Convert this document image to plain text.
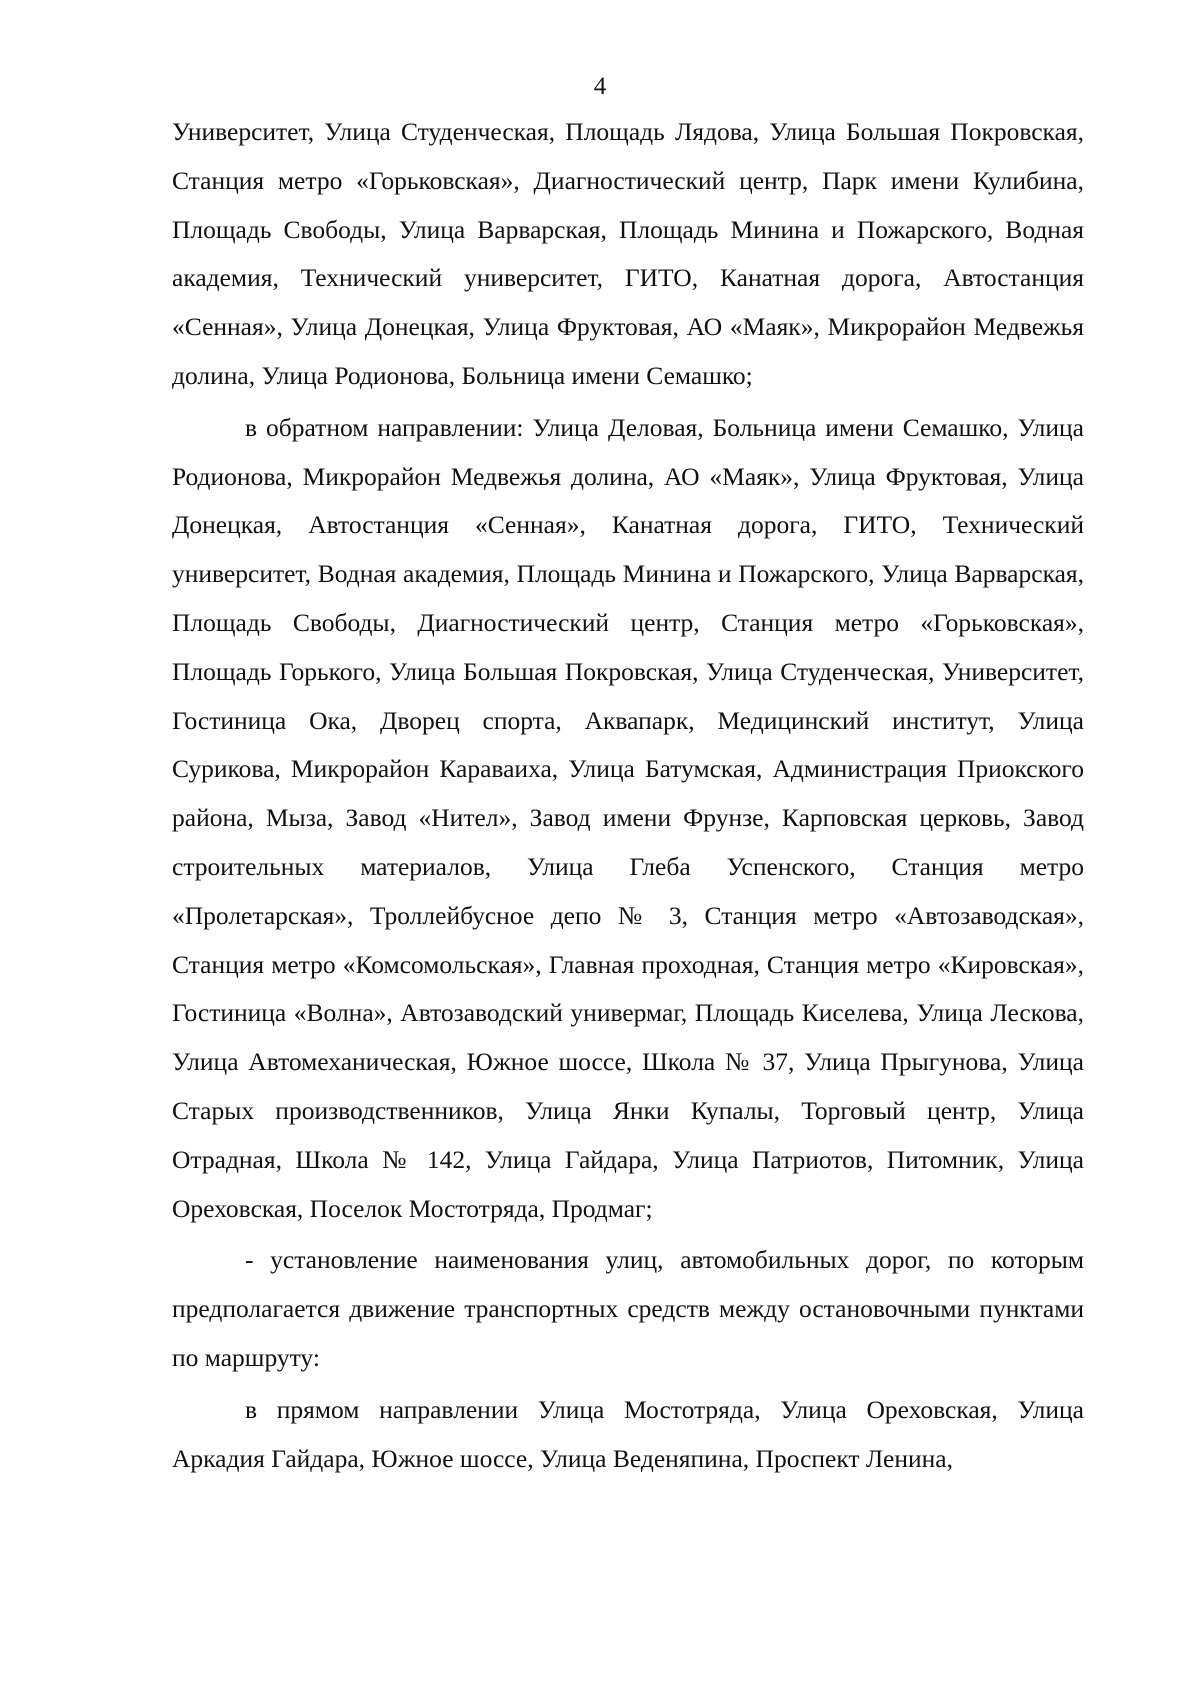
4

Университет, Улица Студенческая, Площадь Лядова, Улица Большая Покровская, Станция метро «Горьковская», Диагностический центр, Парк имени Кулибина, Площадь Свободы, Улица Варварская, Площадь Минина и Пожарского, Водная академия, Технический университет, ГИТО, Канатная дорога, Автостанция «Сенная», Улица Донецкая, Улица Фруктовая, АО «Маяк», Микрорайон Медвежья долина, Улица Родионова, Больница имени Семашко;

в обратном направлении: Улица Деловая, Больница имени Семашко, Улица Родионова, Микрорайон Медвежья долина, АО «Маяк», Улица Фруктовая, Улица Донецкая, Автостанция «Сенная», Канатная дорога, ГИТО, Технический университет, Водная академия, Площадь Минина и Пожарского, Улица Варварская, Площадь Свободы, Диагностический центр, Станция метро «Горьковская», Площадь Горького, Улица Большая Покровская, Улица Студенческая, Университет, Гостиница Ока, Дворец спорта, Аквапарк, Медицинский институт, Улица Сурикова, Микрорайон Караваиха, Улица Батумская, Администрация Приокского района, Мыза, Завод «Нител», Завод имени Фрунзе, Карповская церковь, Завод строительных материалов, Улица Глеба Успенского, Станция метро «Пролетарская», Троллейбусное депо № 3, Станция метро «Автозаводская», Станция метро «Комсомольская», Главная проходная, Станция метро «Кировская», Гостиница «Волна», Автозаводский универмаг, Площадь Киселева, Улица Лескова, Улица Автомеханическая, Южное шоссе, Школа № 37, Улица Прыгунова, Улица Старых производственников, Улица Янки Купалы, Торговый центр, Улица Отрадная, Школа № 142, Улица Гайдара, Улица Патриотов, Питомник, Улица Ореховская, Поселок Мостотряда, Продмаг;

- установление наименования улиц, автомобильных дорог, по которым предполагается движение транспортных средств между остановочными пунктами по маршруту:

в прямом направлении Улица Мостотряда, Улица Ореховская, Улица Аркадия Гайдара, Южное шоссе, Улица Веденяпина, Проспект Ленина,
